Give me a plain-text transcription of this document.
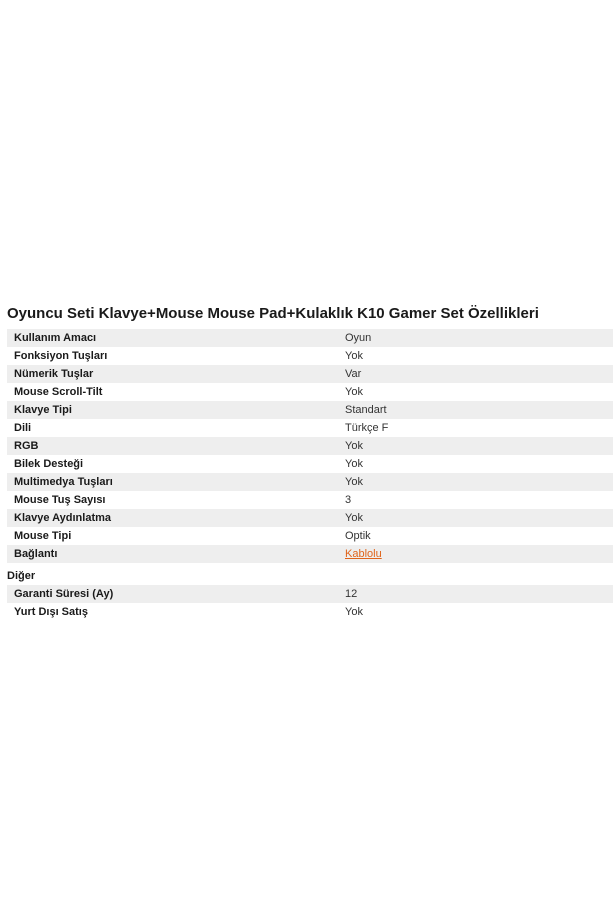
Oyuncu Seti Klavye+Mouse Mouse Pad+Kulaklık K10 Gamer Set Özellikleri
Kullanım Amacı	Oyun
Fonksiyon Tuşları	Yok
Nümerik Tuşlar	Var
Mouse Scroll-Tilt	Yok
Klavye Tipi	Standart
Dili	Türkçe F
RGB	Yok
Bilek Desteği	Yok
Multimedya Tuşları	Yok
Mouse Tuş Sayısı	3
Klavye Aydınlatma	Yok
Mouse Tipi	Optik
Bağlantı	Kablolu
Diğer
Garanti Süresi (Ay)	12
Yurt Dışı Satış	Yok
